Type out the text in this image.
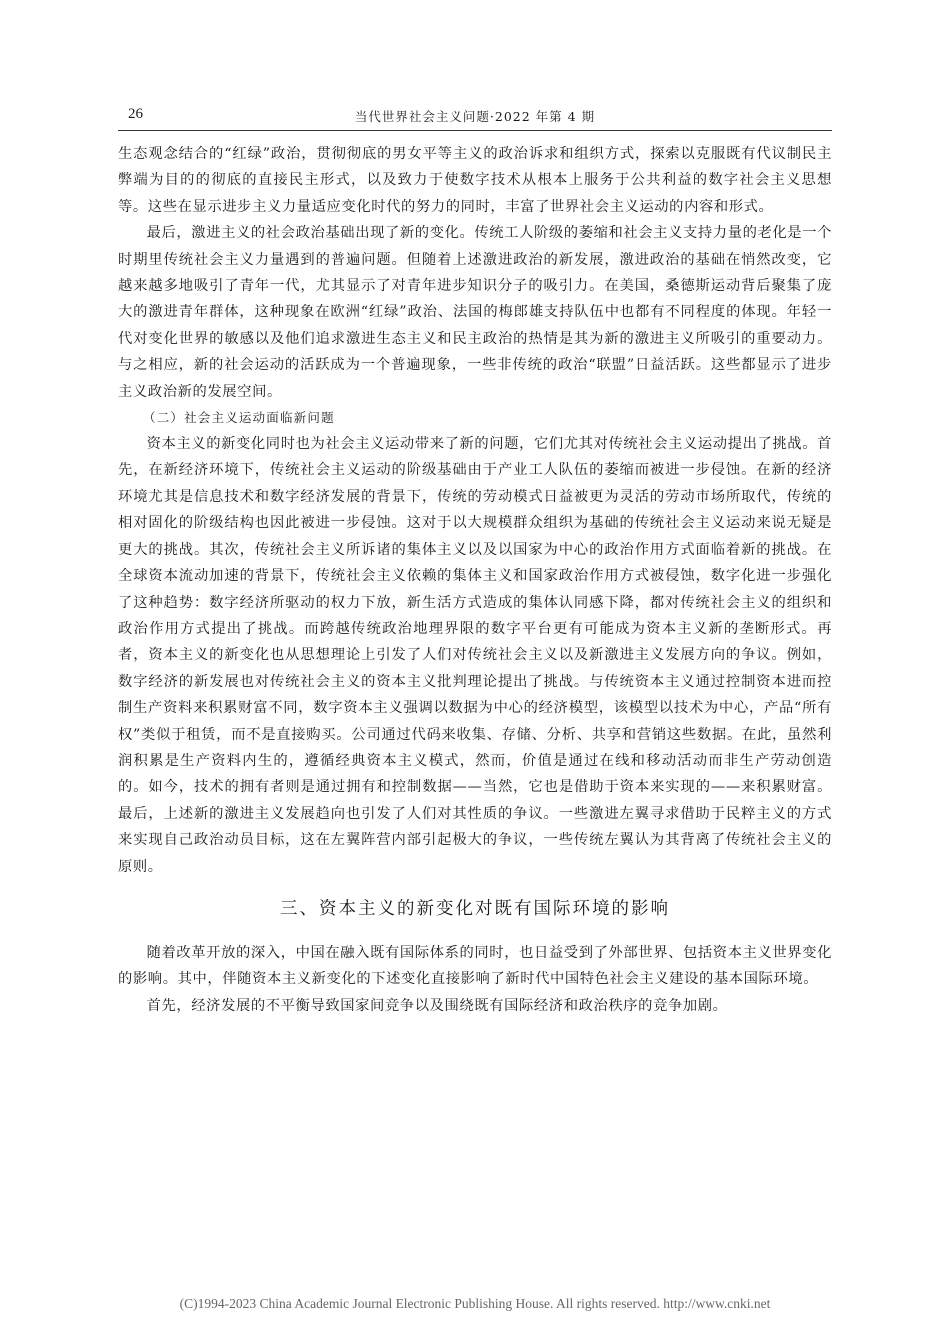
26	当代世界社会主义问题·2022 年第 4 期

生态观念结合的“红绿”政治，贯彻彻底的男女平等主义的政治诉求和组织方式，探索以克服既有代议制民主弊端为目的的彻底的直接民主形式，以及致力于使数字技术从根本上服务于公共利益的数字社会主义思想等。这些在显示进步主义力量适应变化时代的努力的同时，丰富了世界社会主义运动的内容和形式。

最后，激进主义的社会政治基础出现了新的变化。传统工人阶级的萎缩和社会主义支持力量的老化是一个时期里传统社会主义力量遇到的普遍问题。但随着上述激进政治的新发展，激进政治的基础在悄然改变，它越来越多地吸引了青年一代，尤其显示了对青年进步知识分子的吸引力。在美国，桑德斯运动背后聚集了庞大的激进青年群体，这种现象在欧洲“红绿”政治、法国的梅郎雄支持队伍中也都有不同程度的体现。年轻一代对变化世界的敏感以及他们追求激进生态主义和民主政治的热情是其为新的激进主义所吸引的重要动力。与之相应，新的社会运动的活跃成为一个普遍现象，一些非传统的政治“联盟”日益活跃。这些都显示了进步主义政治新的发展空间。

（二）社会主义运动面临新问题

资本主义的新变化同时也为社会主义运动带来了新的问题，它们尤其对传统社会主义运动提出了挑战。首先，在新经济环境下，传统社会主义运动的阶级基础由于产业工人队伍的萎缩而被进一步侵蚀。在新的经济环境尤其是信息技术和数字经济发展的背景下，传统的劳动模式日益被更为灵活的劳动市场所取代，传统的相对固化的阶级结构也因此被进一步侵蚀。这对于以大规模群众组织为基础的传统社会主义运动来说无疑是更大的挑战。其次，传统社会主义所诉诸的集体主义以及以国家为中心的政治作用方式面临着新的挑战。在全球资本流动加速的背景下，传统社会主义依赖的集体主义和国家政治作用方式被侵蚀，数字化进一步强化了这种趋势：数字经济所驱动的权力下放，新生活方式造成的集体认同感下降，都对传统社会主义的组织和政治作用方式提出了挑战。而跨越传统政治地理界限的数字平台更有可能成为资本主义新的垄断形式。再者，资本主义的新变化也从思想理论上引发了人们对传统社会主义以及新激进主义发展方向的争议。例如，数字经济的新发展也对传统社会主义的资本主义批判理论提出了挑战。与传统资本主义通过控制资本进而控制生产资料来积累财富不同，数字资本主义强调以数据为中心的经济模型，该模型以技术为中心，产品“所有权”类似于租赁，而不是直接购买。公司通过代码来收集、存储、分析、共享和营销这些数据。在此，虽然利润积累是生产资料内生的，遵循经典资本主义模式，然而，价值是通过在线和移动活动而非生产劳动创造的。如今，技术的拥有者则是通过拥有和控制数据——当然，它也是借助于资本来实现的——来积累财富。最后，上述新的激进主义发展趋向也引发了人们对其性质的争议。一些激进左翼寻求借助于民粹主义的方式来实现自己政治动员目标，这在左翼阵营内部引起极大的争议，一些传统左翼认为其背离了传统社会主义的原则。

三、资本主义的新变化对既有国际环境的影响

随着改革开放的深入，中国在融入既有国际体系的同时，也日益受到了外部世界、包括资本主义世界变化的影响。其中，伴随资本主义新变化的下述变化直接影响了新时代中国特色社会主义建设的基本国际环境。

首先，经济发展的不平衡导致国家间竞争以及围绕既有国际经济和政治秩序的竞争加剧。

(C)1994-2023 China Academic Journal Electronic Publishing House. All rights reserved. http://www.cnki.net
